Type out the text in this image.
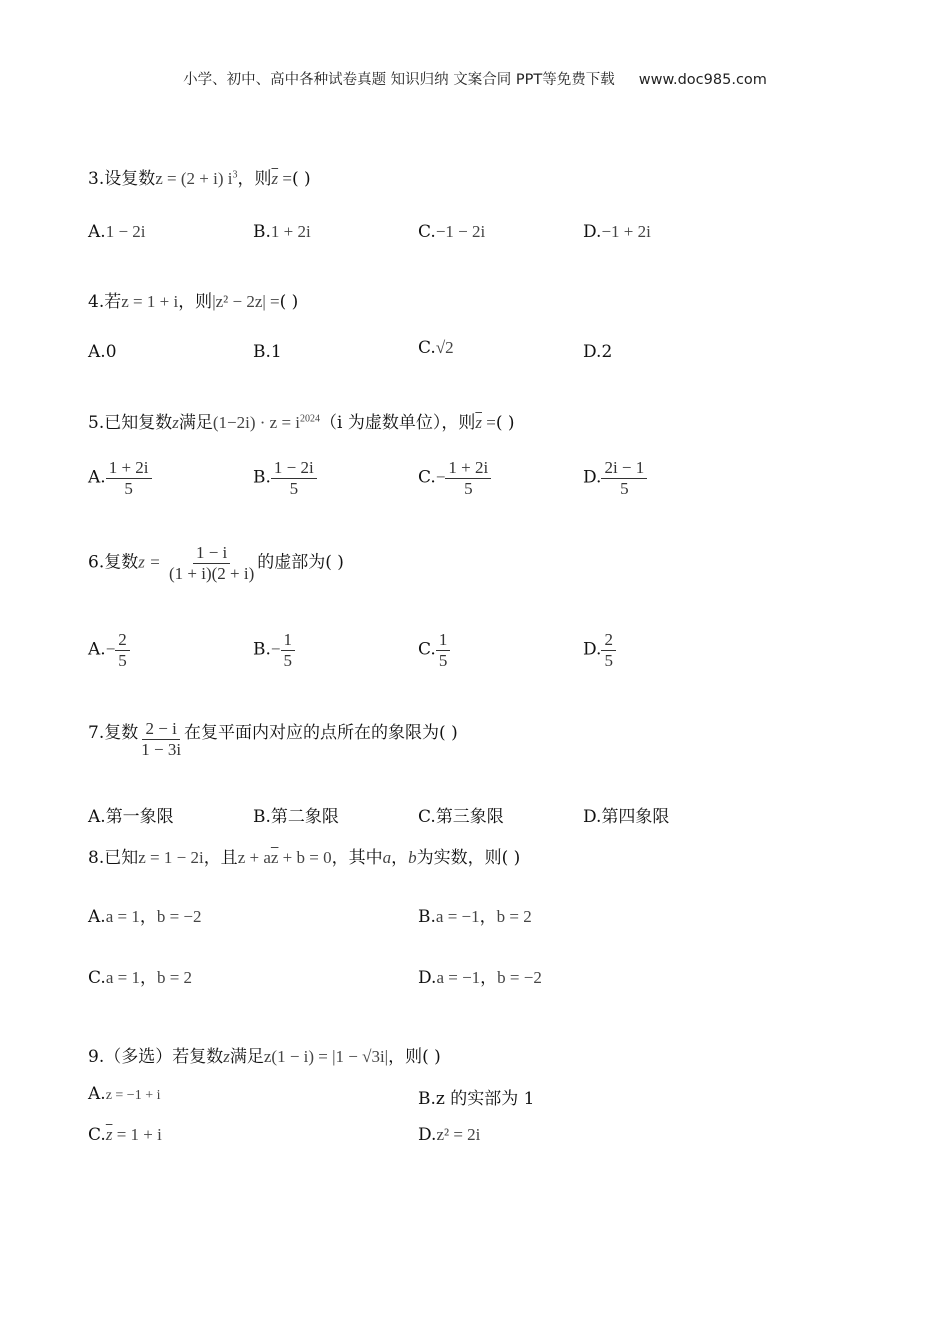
小学、初中、高中各种试卷真题 知识归纳 文案合同 PPT等免费下载 www.doc985.com
3.设复数z = (2 + i) $i^3$，则$\overline{z}$ =( )
A.1 − 2i	B.1 + 2i	C.−1 − 2i	D.−1 + 2i
4.若z = 1 + i，则|z² − 2z| =( )
A.0	B.1	C.√2	D.2
5.已知复数z满足$(1-2i) \cdot z = i^{2024}(i$ 为虚数单位），则$\overline{z}$ =( )
A. $\frac{1 + 2i}{5}$	B. $\frac{1 - 2i}{5}$	$C.- \frac{1 + 2i}{5}$	D. $\frac{2i - 1}{5}$
6.复数$z = \frac{1 - i}{(1 + i)(2 + i)}$ 的虚部为( )
$A.- \frac{2}{5}$	$B.- \frac{1}{5}$	C. $\frac{1}{5}$	D. $\frac{2}{5}$
7.复数 $\frac{2 - i}{1 - 3i}$ 在复平面内对应的点所在的象限为( )
A.第一象限	B.第二象限	C.第三象限	D.第四象限
8.已知z = 1 − 2i，且$z + a\overline{z} + b = 0$，其中a，b为实数，则( )
A.a = 1，b = −2	B.a = −1，b = 2
C.a = 1，b = 2	D.a = −1，b = −2
9.（多选）若复数z满足z(1 − i) = |1 − √3i|，则( )
A.z = −1 + i	B.z 的实部为 1
$C.\overline{z} = 1 + i$	D.z² = 2i
